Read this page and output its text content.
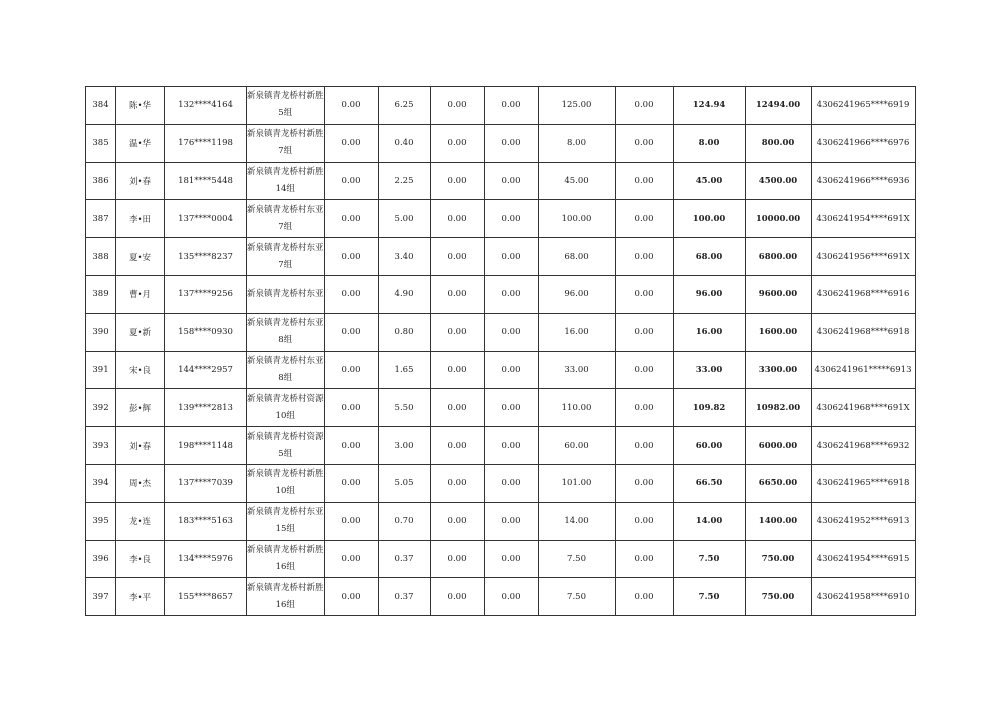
384	陈•华	132****4164	新泉镇青龙桥村新胜
5组	0.00	6.25	0.00	0.00	125.00	0.00	124.94	12494.00	4306241965****6919
385	温•华	176****1198	新泉镇青龙桥村新胜
7组	0.00	0.40	0.00	0.00	8.00	0.00	8.00	800.00	4306241966****6976
386	刘•春	181****5448	新泉镇青龙桥村新胜
14组	0.00	2.25	0.00	0.00	45.00	0.00	45.00	4500.00	4306241966****6936
387	李•田	137****0004	新泉镇青龙桥村东亚
7组	0.00	5.00	0.00	0.00	100.00	0.00	100.00	10000.00	4306241954****691X
388	夏•安	135****8237	新泉镇青龙桥村东亚
7组	0.00	3.40	0.00	0.00	68.00	0.00	68.00	6800.00	4306241956****691X
389	曹•月	137****9256	新泉镇青龙桥村东亚	0.00	4.90	0.00	0.00	96.00	0.00	96.00	9600.00	4306241968****6916
390	夏•新	158****0930	新泉镇青龙桥村东亚
8组	0.00	0.80	0.00	0.00	16.00	0.00	16.00	1600.00	4306241968****6918
391	宋•良	144****2957	新泉镇青龙桥村东亚
8组	0.00	1.65	0.00	0.00	33.00	0.00	33.00	3300.00	4306241961*****6913
392	彭•辉	139****2813	新泉镇青龙桥村资源
10组	0.00	5.50	0.00	0.00	110.00	0.00	109.82	10982.00	4306241968****691X
393	刘•春	198****1148	新泉镇青龙桥村资源
5组	0.00	3.00	0.00	0.00	60.00	0.00	60.00	6000.00	4306241968****6932
394	周•杰	137****7039	新泉镇青龙桥村新胜
10组	0.00	5.05	0.00	0.00	101.00	0.00	66.50	6650.00	4306241965****6918
395	龙•连	183****5163	新泉镇青龙桥村东亚
15组	0.00	0.70	0.00	0.00	14.00	0.00	14.00	1400.00	4306241952****6913
396	李•良	134****5976	新泉镇青龙桥村新胜
16组	0.00	0.37	0.00	0.00	7.50	0.00	7.50	750.00	4306241954****6915
397	李•平	155****8657	新泉镇青龙桥村新胜
16组	0.00	0.37	0.00	0.00	7.50	0.00	7.50	750.00	4306241958****6910
